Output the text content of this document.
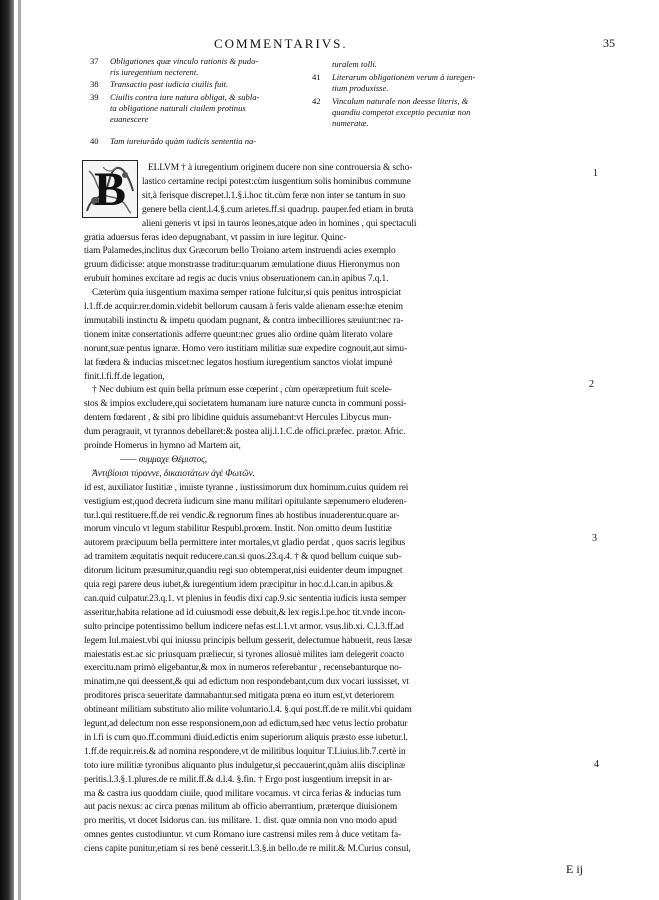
COMMENTARIVS.	35
37 Obligationes quæ vinculo rationis & pudo-
ris iuregentium necterent.
38 Transactio post iudicia ciuilis fuit.
39 Ciuilis contra iure natura obligat, & subla-
ta obligatione naturali ciuilem protinus
euanescere
40 Tam iureiurãdo quàm iudicis sententia na-
turalem tolli.
41 Literarum obligationem verum à iuregen-
tium produxisse.
42 Vinculum naturale non deesse literis, &
quandiu competat exceptio pecuniæ non
numeratæ.
B ELLVM † à iuregentium originem ducere non sine controuersia & scho-
lastico certamine recipi potest:cùm iusgentium solis hominibus commune
sit,à ferisque discrepet.l.1.§.i.hoc tit.cùm feræ non inter se tantum in suo
genere bella cient.l.4.§.cum arietes.ff.si quadrup. pauper.fed etiam in bruta
alieni generis vt ipsi in tauros leones,atque adeo in homines , qui spectaculi
gratia aduersus feras ideo depugnabant, vt passim in iure legitur. Quinc-
tiam Palamedes,inclitus dux Græcorum bello Troiano artem instruendi acies exemplo
gruum didicisse: atque monstrasse traditur:quarum æmulatione diuus Hieronymus non
erubuit homines excitare ad regis ac ducis vnius obseruationem can.in apibus 7.q.1.
Cæterùm quia iusgentium maxima semper ratione fulcitur,si quis penitus introspiciat
l.1.ff.de acquir.rer.domin.videbit bellorum causam à feris valde alienam esse:hæ etenim
immutabili instinctu & impetu quodam pugnant, & contra imbecilliores sæuiunt:nec ra-
tionem initæ consertationis adferre queunt:nec grues alio ordine quàm literato volare
norunt,suæ pentus ignaræ. Homo vero iustitiam militiæ suæ expedire cognouit,aut simu-
lat fœdera & inducias miscet:nec legatos hostium iuregentium sanctos violat impunè
finit.l.fi.ff.de legation,
† Nec dubium est quin bella primum esse cœperint , cùm operæpretium fuit scele-
stos & impios excludere,qui societatem humanam iure naturæ cuncta in communi possi-
dentem fœdarent , & sibi pro libidine quiduis assumebant:vt Hercules Libycus mun-
dum peragrauit, vt tyrannos debellaret:& postea alij.l.1.C.de offici.præfec. prætor. Afric.
proinde Homerus in hymno ad Martem ait,
—— συμμαχε Θέμιστος,
Ἀντιβίοισι τύραννε, δικαιοτάτων ἀγὲ Φωτῶν.
id est, auxiliator Iustitiæ , inuiste tyranne , iustissimorum dux hominum.cuius quidem rei
vestigium est,quod decreta iudicum sine manu militari opitulante sæpenumero eluderen-
tur.l.qui restituere.ff.de rei vendic.& regnorum fines ab hostibus inuaderentur.quare ar-
morum vinculo vt legum stabilitur Respubl.proœm. Instit. Non omitto deum Iustitiæ
autorem præcipuum bella permittere inter mortales,vt gladio perdat , quos sacris legibus
ad tramitem æquitatis nequit reducere.can.si quos.23.q.4. † & quod bellum cuique sub-
ditorum licitum præsumitur,quandiu regi suo obtemperat,nisi euidenter deum impugnet
quia regi parere deus iubet,& iuregentium idem præcipitur in hoc.d.l.can.in apibus.&
can.quid culpatur.23.q.1. vt plenius in feudis dixi cap.9.sic sententia iudicis iusta semper
asseritur,habita relatione ad id cuiusmodi esse debuit,& lex regis.l.pe.hoc tit.vnde incon-
sulto principe potentissimo bellum indicere nefas est.l.1.vt armor. vsus.lib.xi. C.l.3.ff.ad
legem Iul.maiest.vbi qui iniussu principis bellum gesserit, delectumue habuerit, reus læsæ
maiestatis est.ac sic priusquam præliecur, si tyrones aliosuè milites iam delegerit coacto
exercitu.nam primò eligebantur,& mox in numeros referebantur , recensebanturque no-
minatim,ne qui deessent,& qui ad edictum non respondebant,cum dux vocari iussisset, vt
proditores prisca seueritate damnabantur.sed mitigata pœna eo itum est,vt deteriorem
obtineant militiam substituto alio milite voluntario.l.4. §.qui post.ff.de re milit.vbi quidam
legunt,ad delectum non esse responsionem,non ad edictum,sed hæc vetus lectio probatur
in l.fi is cum quo.ff.communi diuid.edictis enim superiorum aliquis præsto esse iubetur.l.
1.ff.de requir.reis.& ad nomina respondere,vt de militibus loquitur T.Liuius.lib.7.certè in
toto iure militiæ tyronibus aliquanto plus indulgetur,si peccauerint,quàm aliis disciplinæ
peritis.l.3.§.1.plures.de re milit.ff.& d.l.4. §.fin. † Ergo post iusgentium irrepsit in ar-
ma & castra ius quoddam ciuile, quod militare vocamus. vt circa ferias & inducias tum
aut pacis nexus: ac circa pœnas militum ab officio aberrantium, præterque diuisionem
pro meritis, vt docet Isidorus can. ius militare. 1. dist. quæ omnia non vno modo apud
omnes gentes custodiuntur. vt cum Romano iure castrensi miles rem à duce vetitam fa-
ciens capite punitur,etiam si res benè cesserit.l.3.§.in bello.de re milit.& M.Curius consul,
1
2
3
4
E ij
